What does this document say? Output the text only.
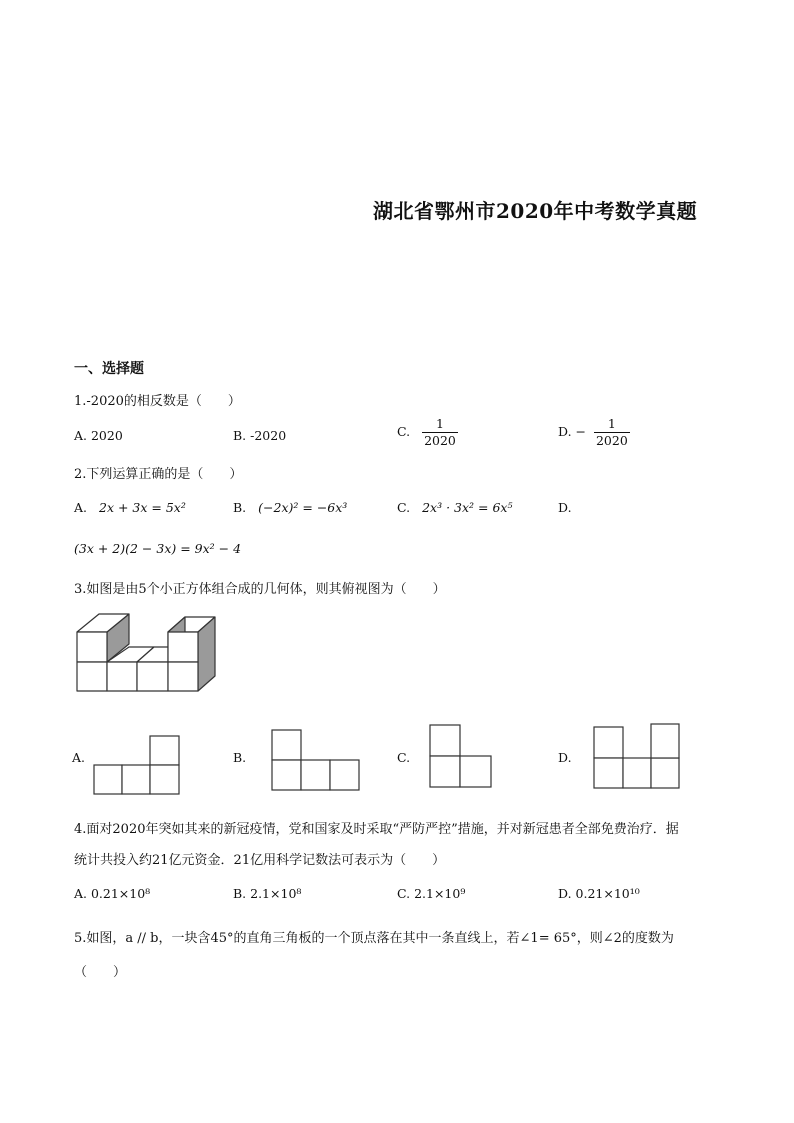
湖北省鄂州市2020年中考数学真题
一、选择题
1.-2020的相反数是（　　）
A. 2020	B. -2020	C. $\frac{1}{2020}$	D. − $\frac{1}{2020}$
2.下列运算正确的是（　　）
A. 2x + 3x = 5x²	B. (−2x)² = −6x³	C. 2x³ · 3x² = 6x⁵	D.
(3x + 2)(2 − 3x) = 9x² − 4
3.如图是由5个小正方体组合成的几何体，则其俯视图为（　　）
A.	B.	C.	D.
4.面对2020年突如其来的新冠疫情，党和国家及时采取“严防严控”措施，并对新冠患者全部免费治疗．据
统计共投入约21亿元资金．21亿用科学记数法可表示为（　　）
A. 0.21×10⁸	B. 2.1×10⁸	C. 2.1×10⁹	D. 0.21×10¹⁰
5.如图，a // b，一块含45°的直角三角板的一个顶点落在其中一条直线上，若∠1= 65°，则∠2的度数为
（　　）
